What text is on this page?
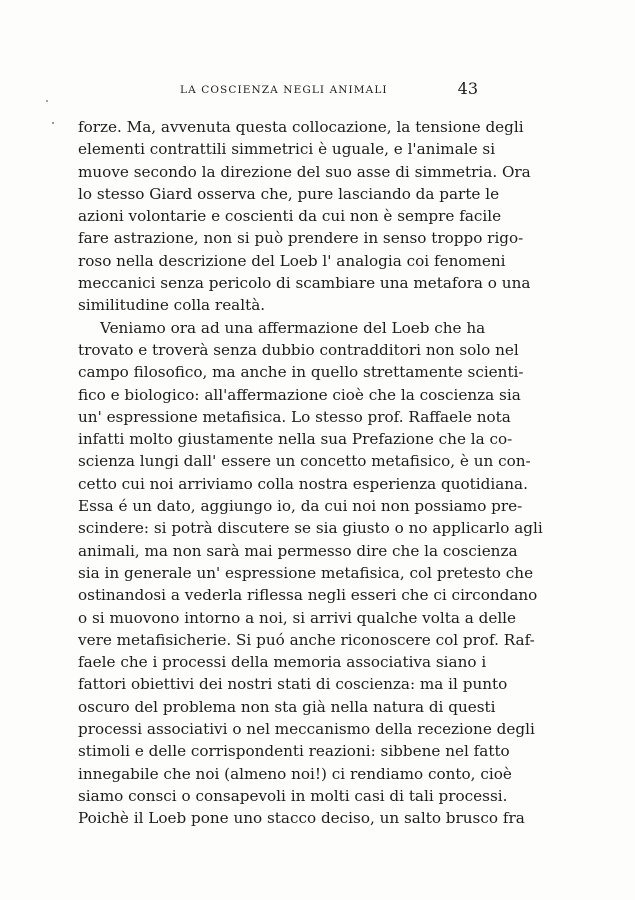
LA COSCIENZA NEGLI ANIMALI	43
forze. Ma, avvenuta questa collocazione, la tensione degli
elementi contrattili simmetrici è uguale, e l'animale si
muove secondo la direzione del suo asse di simmetria. Ora
lo stesso Giard osserva che, pure lasciando da parte le
azioni volontarie e coscienti da cui non è sempre facile
fare astrazione, non si può prendere in senso troppo rigo-
roso nella descrizione del Loeb l' analogia coi fenomeni
meccanici senza pericolo di scambiare una metafora o una
similitudine colla realtà.
Veniamo ora ad una affermazione del Loeb che ha
trovato e troverà senza dubbio contradditori non solo nel
campo filosofico, ma anche in quello strettamente scienti-
fico e biologico: all'affermazione cioè che la coscienza sia
un' espressione metafisica. Lo stesso prof. Raffaele nota
infatti molto giustamente nella sua Prefazione che la co-
scienza lungi dall' essere un concetto metafisico, è un con-
cetto cui noi arriviamo colla nostra esperienza quotidiana.
Essa é un dato, aggiungo io, da cui noi non possiamo pre-
scindere: si potrà discutere se sia giusto o no applicarlo agli
animali, ma non sarà mai permesso dire che la coscienza
sia in generale un' espressione metafisica, col pretesto che
ostinandosi a vederla riflessa negli esseri che ci circondano
o si muovono intorno a noi, si arrivi qualche volta a delle
vere metafisicherie. Si puó anche riconoscere col prof. Raf-
faele che i processi della memoria associativa siano i
fattori obiettivi dei nostri stati di coscienza: ma il punto
oscuro del problema non sta già nella natura di questi
processi associativi o nel meccanismo della recezione degli
stimoli e delle corrispondenti reazioni: sibbene nel fatto
innegabile che noi (almeno noi!) ci rendiamo conto, cioè
siamo consci o consapevoli in molti casi di tali processi.
Poichè il Loeb pone uno stacco deciso, un salto brusco fra
